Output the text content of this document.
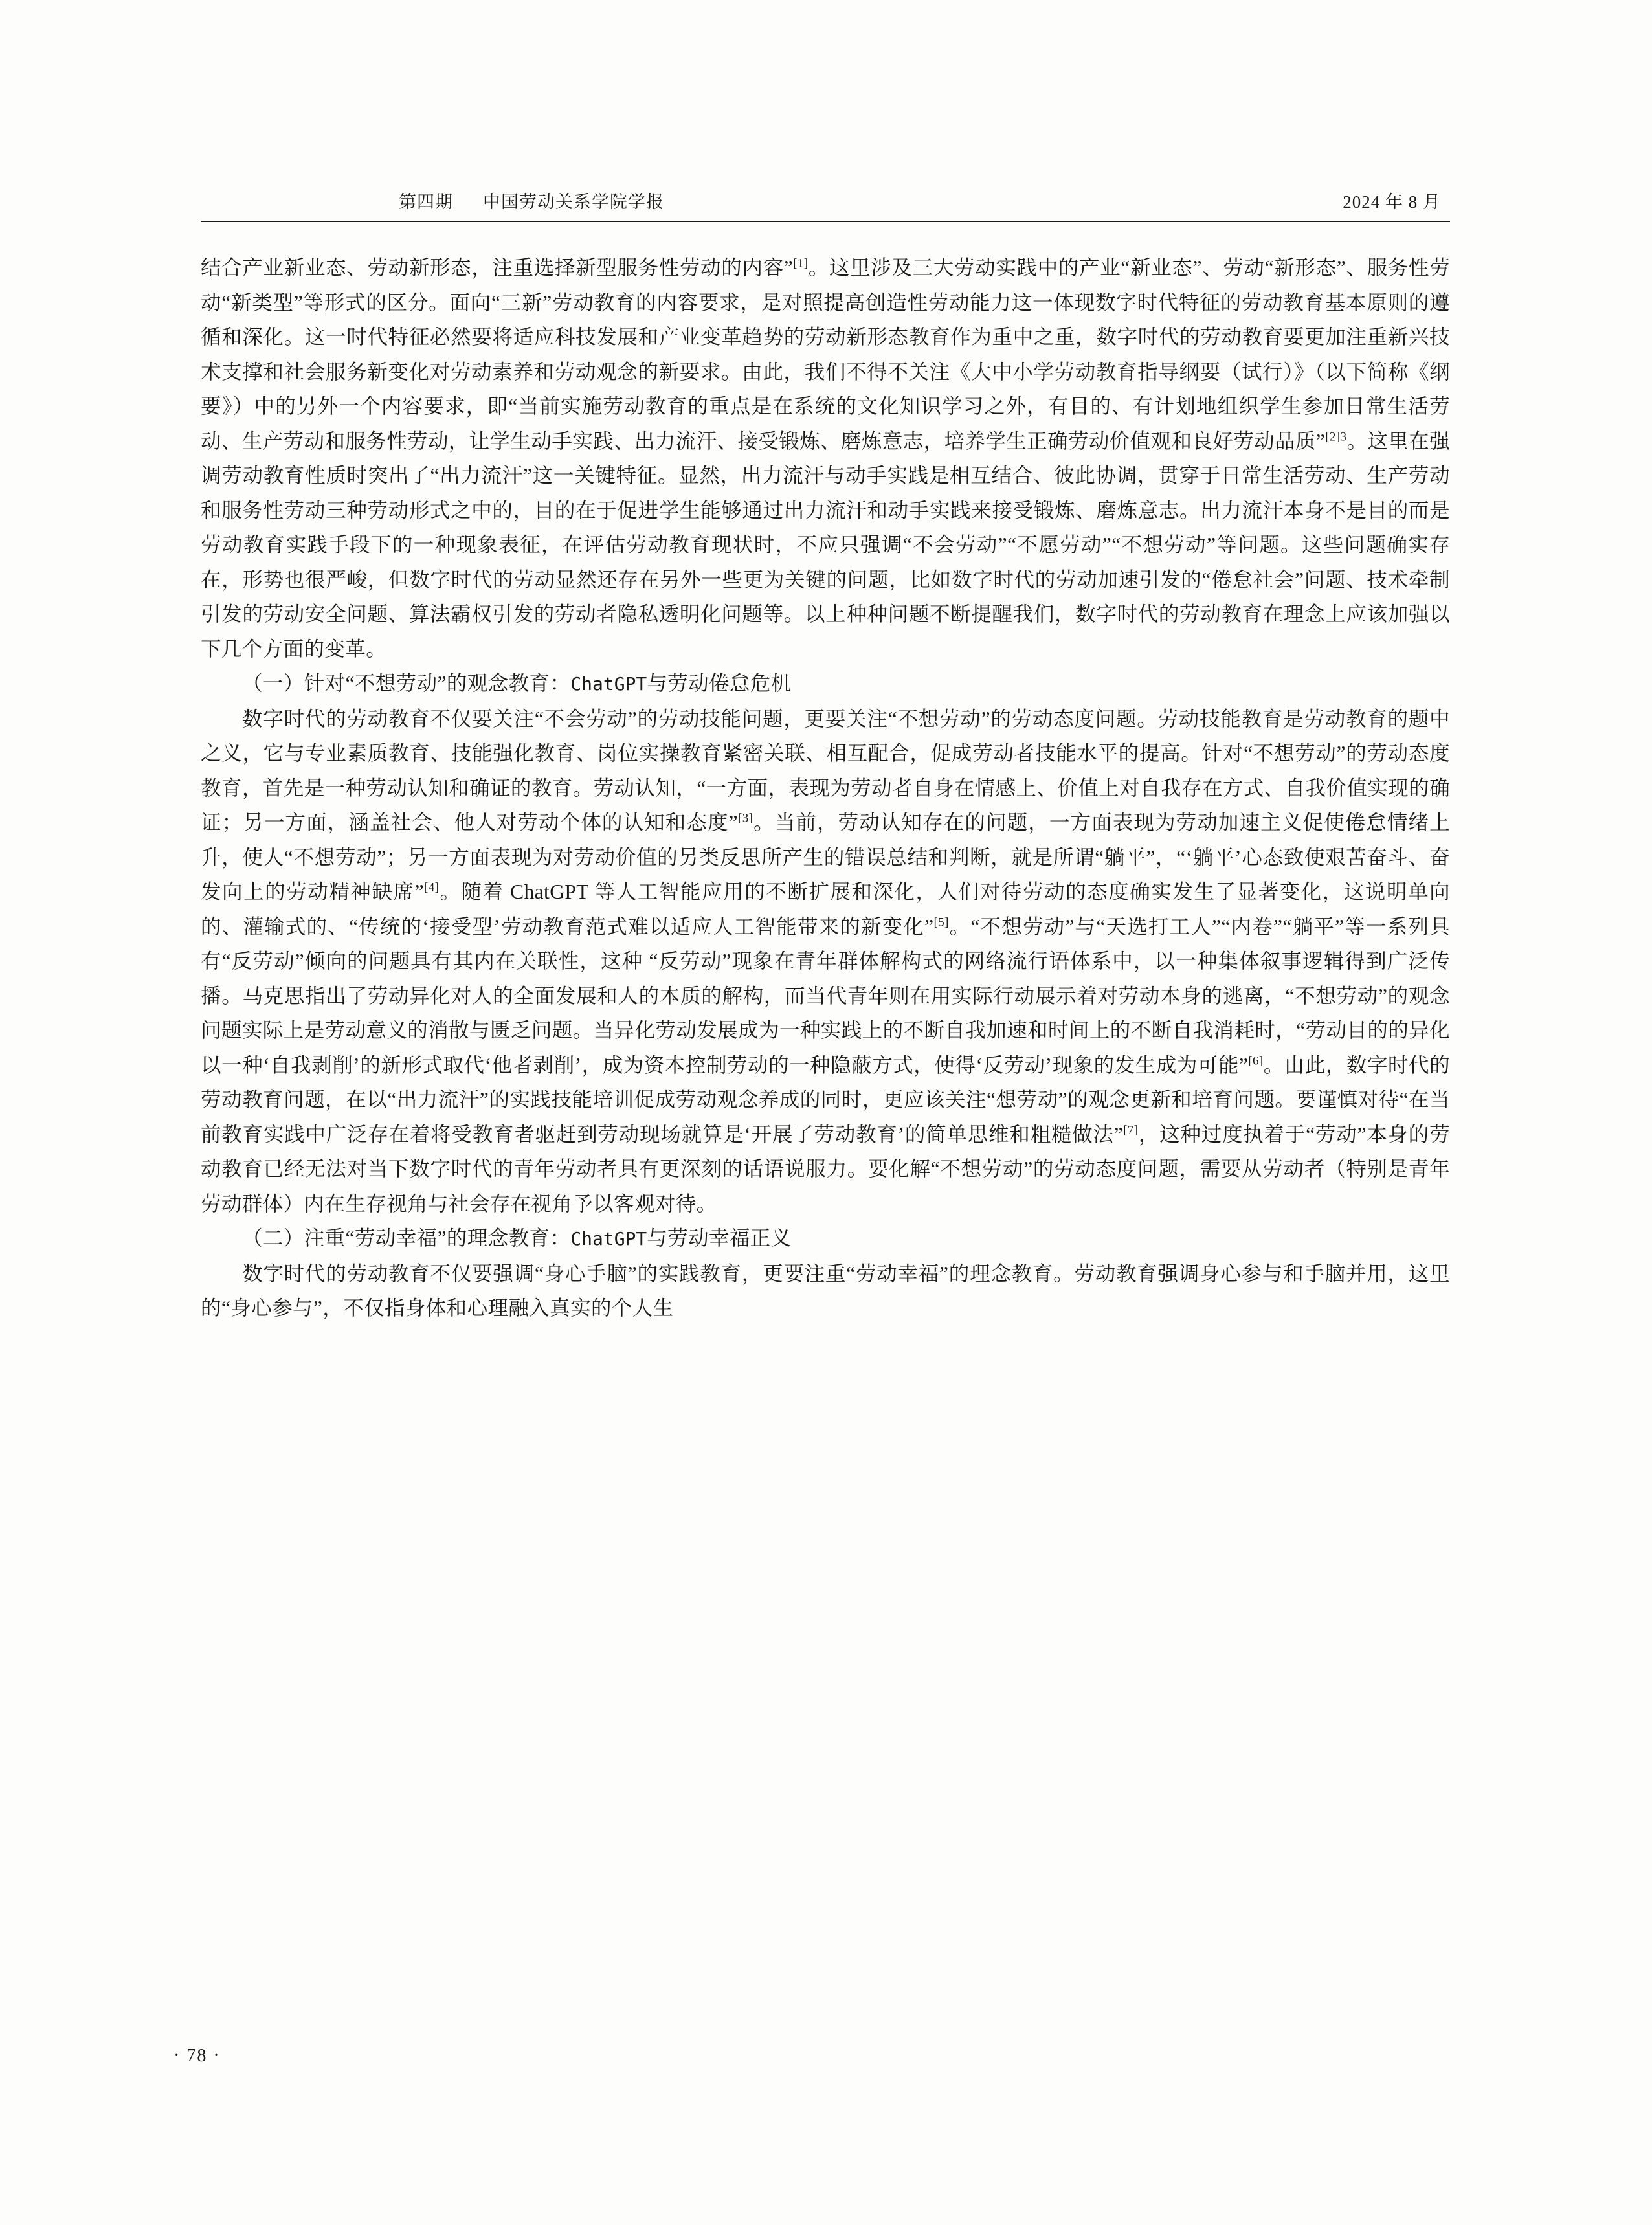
第四期 中国劳动关系学院学报	2024 年 8 月

结合产业新业态、劳动新形态，注重选择新型服务性劳动的内容”[1]。这里涉及三大劳动实践中的产业“新业态”、劳动“新形态”、服务性劳动“新类型”等形式的区分。面向“三新”劳动教育的内容要求，是对照提高创造性劳动能力这一体现数字时代特征的劳动教育基本原则的遵循和深化。这一时代特征必然要将适应科技发展和产业变革趋势的劳动新形态教育作为重中之重，数字时代的劳动教育要更加注重新兴技术支撑和社会服务新变化对劳动素养和劳动观念的新要求。由此，我们不得不关注《大中小学劳动教育指导纲要（试行）》（以下简称《纲要》）中的另外一个内容要求，即“当前实施劳动教育的重点是在系统的文化知识学习之外，有目的、有计划地组织学生参加日常生活劳动、生产劳动和服务性劳动，让学生动手实践、出力流汗、接受锻炼、磨炼意志，培养学生正确劳动价值观和良好劳动品质”$^{[2]3}$。这里在强调劳动教育性质时突出了“出力流汗”这一关键特征。显然，出力流汗与动手实践是相互结合、彼此协调，贯穿于日常生活劳动、生产劳动和服务性劳动三种劳动形式之中的，目的在于促进学生能够通过出力流汗和动手实践来接受锻炼、磨炼意志。出力流汗本身不是目的而是劳动教育实践手段下的一种现象表征，在评估劳动教育现状时，不应只强调“不会劳动”“不愿劳动”“不想劳动”等问题。这些问题确实存在，形势也很严峻，但数字时代的劳动显然还存在另外一些更为关键的问题，比如数字时代的劳动加速引发的“倦怠社会”问题、技术牵制引发的劳动安全问题、算法霸权引发的劳动者隐私透明化问题等。以上种种问题不断提醒我们，数字时代的劳动教育在理念上应该加强以下几个方面的变革。

（一）针对“不想劳动”的观念教育：ChatGPT与劳动倦怠危机

数字时代的劳动教育不仅要关注“不会劳动”的劳动技能问题，更要关注“不想劳动”的劳动态度问题。劳动技能教育是劳动教育的题中之义，它与专业素质教育、技能强化教育、岗位实操教育紧密关联、相互配合，促成劳动者技能水平的提高。针对“不想劳动”的劳动态度教育，首先是一种劳动认知和确证的教育。劳动认知，“一方面，表现为劳动者自身在情感上、价值上对自我存在方式、自我价值实现的确证；另一方面，涵盖社会、他人对劳动个体的认知和态度”[3]。当前，劳动认知存在的问题，一方面表现为劳动加速主义促使倦怠情绪上升，使人“不想劳动”；另一方面表现为对劳动价值的另类反思所产生的错误总结和判断，就是所谓“躺平”，“‘躺平’心态致使艰苦奋斗、奋发向上的劳动精神缺席”[4]。随着 ChatGPT 等人工智能应用的不断扩展和深化，人们对待劳动的态度确实发生了显著变化，这说明单向的、灌输式的、“传统的‘接受型’劳动教育范式难以适应人工智能带来的新变化”[5]。“不想劳动”与“天选打工人”“内卷”“躺平”等一系列具有“反劳动”倾向的问题具有其内在关联性，这种 “反劳动”现象在青年群体解构式的网络流行语体系中，以一种集体叙事逻辑得到广泛传播。马克思指出了劳动异化对人的全面发展和人的本质的解构，而当代青年则在用实际行动展示着对劳动本身的逃离，“不想劳动”的观念问题实际上是劳动意义的消散与匮乏问题。当异化劳动发展成为一种实践上的不断自我加速和时间上的不断自我消耗时，“劳动目的的异化以一种‘自我剥削’的新形式取代‘他者剥削’，成为资本控制劳动的一种隐蔽方式，使得‘反劳动’现象的发生成为可能”[6]。由此，数字时代的劳动教育问题，在以“出力流汗”的实践技能培训促成劳动观念养成的同时，更应该关注“想劳动”的观念更新和培育问题。要谨慎对待“在当前教育实践中广泛存在着将受教育者驱赶到劳动现场就算是‘开展了劳动教育’的简单思维和粗糙做法”[7]，这种过度执着于“劳动”本身的劳动教育已经无法对当下数字时代的青年劳动者具有更深刻的话语说服力。要化解“不想劳动”的劳动态度问题，需要从劳动者（特别是青年劳动群体）内在生存视角与社会存在视角予以客观对待。

（二）注重“劳动幸福”的理念教育：ChatGPT与劳动幸福正义

数字时代的劳动教育不仅要强调“身心手脑”的实践教育，更要注重“劳动幸福”的理念教育。劳动教育强调身心参与和手脑并用，这里的“身心参与”，不仅指身体和心理融入真实的个人生

· 78 ·
